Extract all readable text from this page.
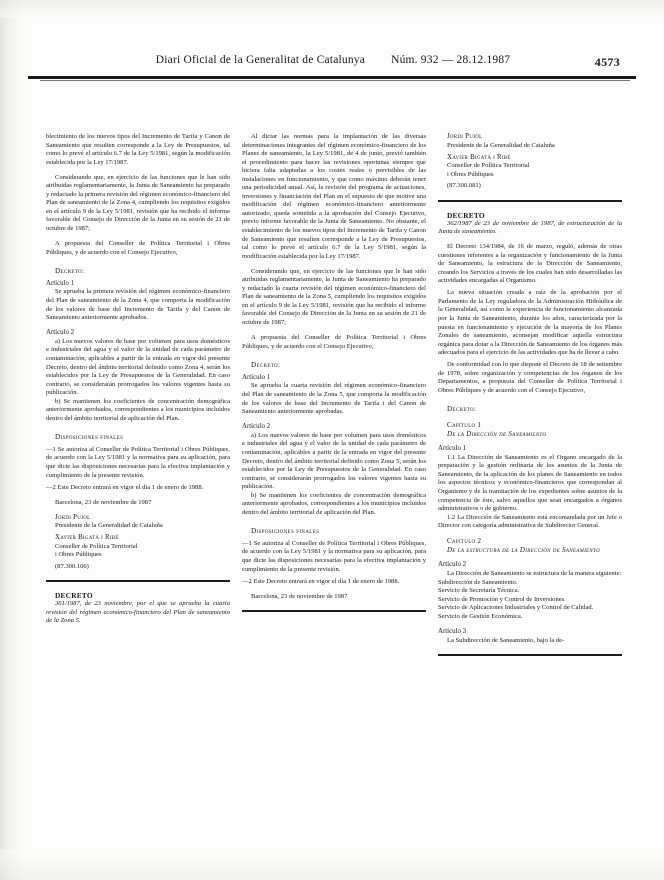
Diari Oficial de la Generalitat de Catalunya Núm. 932 — 28.12.1987	4573

blecimiento de los nuevos tipos del Incremento de Tarifa y Canon de Saneamiento que resulten corresponde a la Ley de Presupuestos, tal como lo prevé el artículo 6.7 de la Ley 5/1981, según la modificación establecida por la Ley 17/1987.

Considerando que, en ejercicio de las funciones que le han sido atribuidas reglamentariamente, la Junta de Saneamiento ha preparado y redactado la primera revisión del régimen económico-financiero del Plan de saneamiento de la Zona 4, cumpliendo los requisitos exigidos en el artículo 9 de la Ley 5/1981, revisión que ha recibido el informe favorable del Consejo de Dirección de la Junta en su sesión de 21 de octubre de 1987;

A propuesta del Conseller de Política Territorial i Obres Públiques, y de acuerdo con el Consejo Ejecutivo,

Decreto:

Artículo 1

Se aprueba la primera revisión del régimen económico-financiero del Plan de saneamiento de la Zona 4, que comporta la modificación de los valores de base del Incremento de Tarifa y del Canon de Saneamiento anteriormente aprobados.

Artículo 2

a) Los nuevos valores de base por volumen para usos domésticos e industriales del agua y el valor de la unidad de cada parámetro de contaminación, aplicables a partir de la entrada en vigor del presente Decreto, dentro del ámbito territorial definido como Zona 4, serán los establecidos por la Ley de Presupuestos de la Generalidad. En caso contrario, se considerarán prorrogados los valores vigentes hasta su publicación.

b) Se mantienen los coeficientes de concentración demográfica anteriormente aprobados, correspondientes a los municipios incluidos dentro del ámbito territorial de aplicación del Plan.

Disposiciones finales

—1 Se autoriza al Conseller de Política Territorial i Obres Públiques, de acuerdo con la Ley 5/1981 y la normativa para su aplicación, para que dicte las disposiciones necesarias para la efectiva implantación y cumplimiento de la presente revisión.

—2 Este Decreto entrará en vigor el día 1 de enero de 1988.

Barcelona, 23 de noviembre de 1987

Jordi Pujol

Presidente de la Generalidad de Cataluña

Xavier Bigatà i Ribé

Conseller de Política Territorial

i Obres Públiques

(87.300.106)

DECRETO

361/1987, de 23 noviembre, por el que se aprueba la cuarta revisión del régimen económico-financiero del Plan de saneamiento de la Zona 5.

Al dictar las normas para la implantación de las diversas determinaciones integrantes del régimen económico-financiero de los Planes de saneamiento, la Ley 5/1981, de 4 de junio, previó también el procedimiento para hacer las revisiones oportunas siempre que hiciera falta adaptarlas a los costes reales o previsibles de las instalaciones en funcionamiento, y que como máximo deberán tener una periodicidad anual. Así, la revisión del programa de actuaciones, inversiones y financiación del Plan en el supuesto de que motive una modificación del régimen económico-financiero anteriormente autorizado, queda sometida a la aprobación del Consejo Ejecutivo, previo informe favorable de la Junta de Saneamiento. No obstante, el establecimiento de los nuevos tipos del Incremento de Tarifa y Canon de Saneamiento que resulten corresponde a la Ley de Presupuestos, tal como lo prevé el artículo 6.7 de la Ley 5/1981, según la modificación establecida por la Ley 17/1987.

Considerando que, en ejercicio de las funciones que le han sido atribuidas reglamentariamente, la Junta de Saneamiento ha preparado y redactado la cuarta revisión del régimen económico-financiero del Plan de saneamiento de la Zona 5, cumpliendo los requisitos exigidos en el artículo 9 de la Ley 5/1981, revisión que ha recibido el informe favorable del Consejo de Dirección de la Junta en su sesión de 21 de octubre de 1987;

A propuesta del Conseller de Política Territorial i Obres Públiques, y de acuerdo con el Consejo Ejecutivo,

Decreto:

Artículo 1

Se aprueba la cuarta revisión del régimen económico-financiero del Plan de saneamiento de la Zona 5, que comporta la modificación de los valores de base del Incremento de Tarifa i del Canon de Saneamiento anteriormente aprobadas.

Artículo 2

a) Los nuevos valores de base por volumen para usos domésticos e industriales del agua y el valor de la unidad de cada parámetro de contaminación, aplicables a partir de la entrada en vigor del presente Decreto, dentro del ámbito territorial definido como Zona 5, serán los establecidos por la Ley de Presupuestos de la Generalidad. En caso contrario, se considerarán prorrogados los valores vigentes hasta su publicación.

b) Se mantienen los coeficientes de concentración demográfica anteriormente aprobados, correspondientes a los municipios incluidos dentro del ámbito territorial de aplicación del Plan.

Disposiciones finales

—1 Se autoriza al Conseller de Política Territorial i Obres Públiques, de acuerdo con la Ley 5/1981 y la normativa para su aplicación, para que dicte las disposiciones necesarias para la efectiva implantación y cumplimiento de la presente revisión.

—2 Este Decreto entrará en vigor el día 1 de enero de 1988.

Barcelona, 23 de noviembre de 1987

Jordi Pujol

Presidente de la Generalidad de Cataluña

Xavier Bigatà i Ribé

Conseller de Política Territorial

i Obres Públiques

(87.300.081)

DECRETO

362/1987 de 23 de noviembre de 1987, de estructuración de la Junta de saneamiento.

El Decreto 134/1984, de 16 de marzo, reguló, además de otras cuestiones referentes a la organización y funcionamiento de la Junta de Saneamiento, la estructura de la Dirección de Saneamiento, creando los Servicios a través de los cuales han sido desarrolladas las actividades encargadas al Organismo.

La nueva situación creada a raíz de la aprobación por el Parlamento de la Ley reguladora de la Administración Hidráulica de la Generalidad, así como la experiencia de funcionamiento alcanzada por la Junta de Saneamiento, durante los años, caracterizada por la puesta en funcionamiento y ejecución de la mayoría de los Planes Zonales de saneamiento, aconsejan modificar aquella estructura orgánica para dotar a la Dirección de Saneamiento de los órganos más adecuados para el ejercicio de las actividades que ha de llevar a cabo.

De conformidad con lo que dispone el Decreto de 18 de setiembre de 1978, sobre organización y competencias de los órganos de los Departamentos, a propuesta del Conseller de Política Territorial i Obres Públiques y de acuerdo con el Consejo Ejecutivo,

Decreto:

Capítulo 1

De la Dirección de Saneamiento

Artículo 1

1.1 La Dirección de Saneamiento es el Organo encargado de la preparación y la gestión ordinaria de los asuntos de la Junta de Saneamiento, de la aplicación de los planes de Saneamiento en todos los aspectos técnicos y económico-financieros que correspondan al Organismo y de la tramitación de los expedientes sobre asuntos de la competencia de éste, salvo aquellos que sean encargados a órganos administrativos o de gobierno.

1.2 La Dirección de Saneamiento está encomandada por un Jefe o Director con categoría administrativa de Subdirector General.

Capítulo 2

De la estructura de la Dirección de Saneamiento

Artículo 2

La Dirección de Saneamiento se estructura de la manera siguiente:

Subdirección de Saneamiento.
Servicio de Secretaría Técnica.
Servicio de Promoción y Control de Inversiones.
Servicio de Aplicaciones Industriales y Control de Calidad.
Servicio de Gestión Económica.

Artículo 3

La Subdirección de Saneamiento, bajo la de-
